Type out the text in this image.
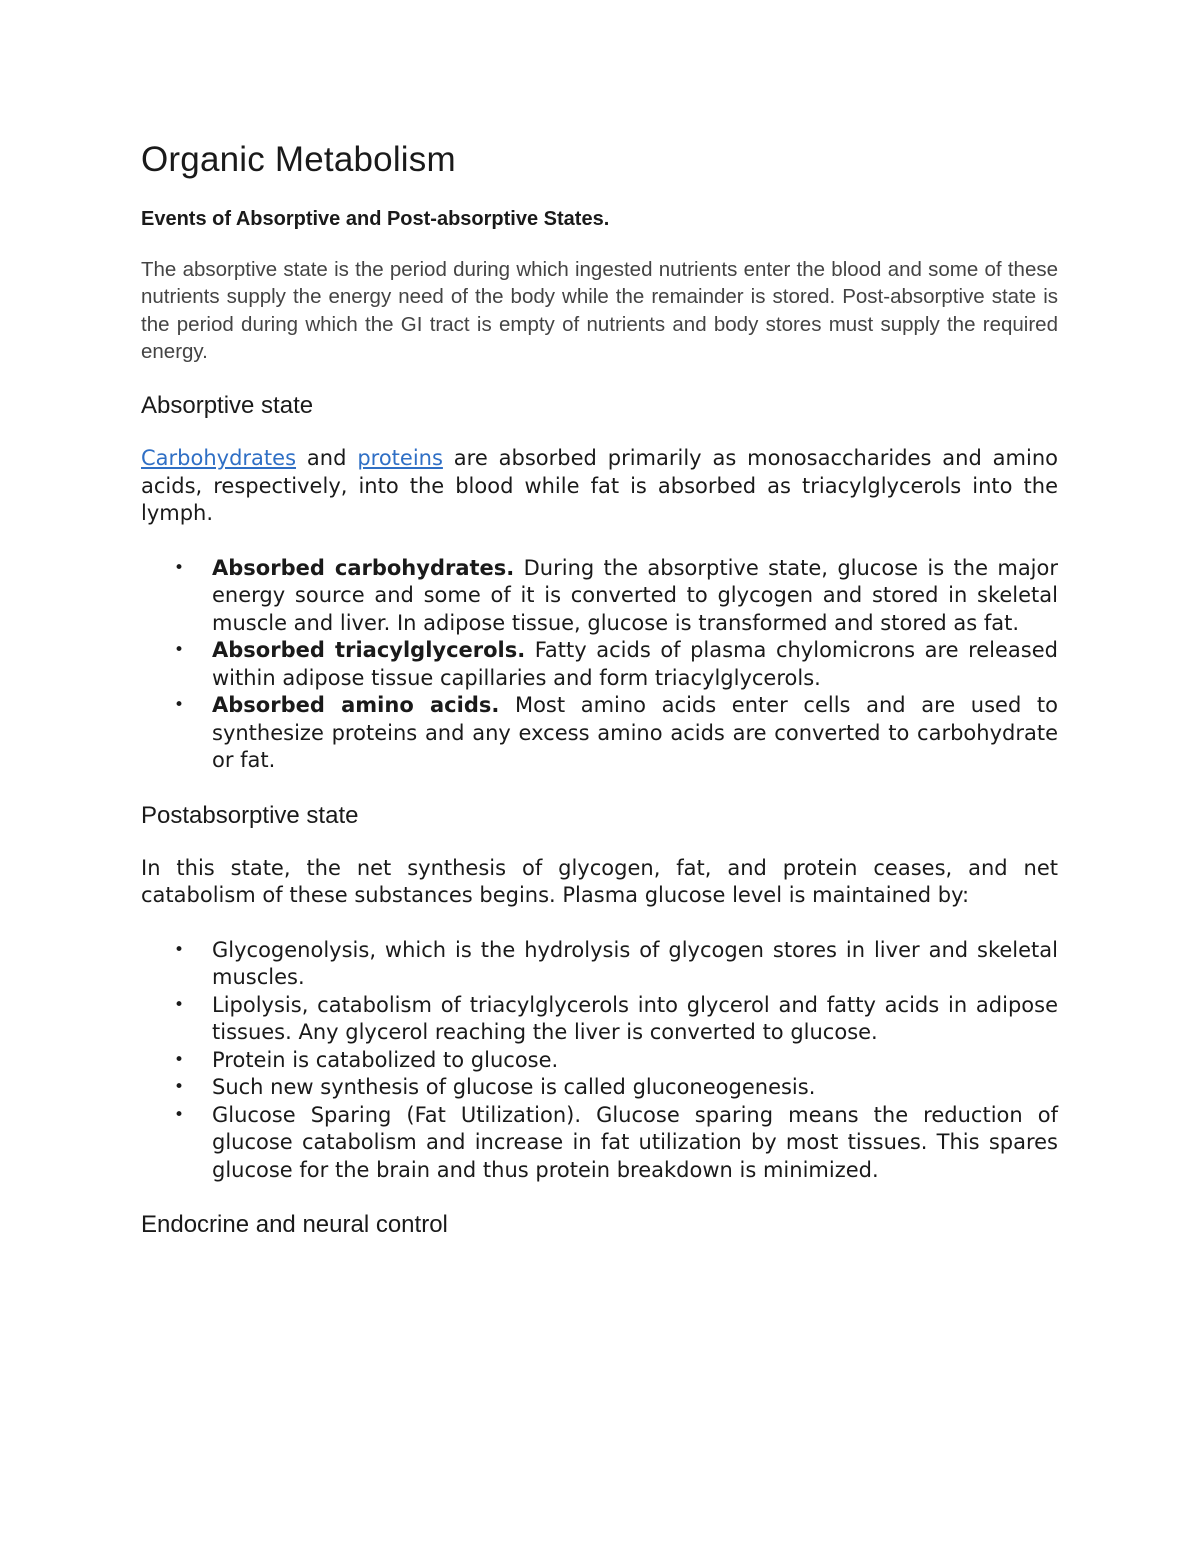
Organic Metabolism
Events of Absorptive and Post-absorptive States.

The absorptive state is the period during which ingested nutrients enter the blood and some of these nutrients supply the energy need of the body while the remainder is stored. Post-absorptive state is the period during which the GI tract is empty of nutrients and body stores must supply the required energy.

Absorptive state

Carbohydrates and proteins are absorbed primarily as monosaccharides and amino acids, respectively, into the blood while fat is absorbed as triacylglycerols into the lymph.

• Absorbed carbohydrates. During the absorptive state, glucose is the major energy source and some of it is converted to glycogen and stored in skeletal muscle and liver. In adipose tissue, glucose is transformed and stored as fat.
• Absorbed triacylglycerols. Fatty acids of plasma chylomicrons are released within adipose tissue capillaries and form triacylglycerols.
• Absorbed amino acids. Most amino acids enter cells and are used to synthesize proteins and any excess amino acids are converted to carbohydrate or fat.
Postabsorptive state

In this state, the net synthesis of glycogen, fat, and protein ceases, and net catabolism of these substances begins. Plasma glucose level is maintained by:

• Glycogenolysis, which is the hydrolysis of glycogen stores in liver and skeletal muscles.
• Lipolysis, catabolism of triacylglycerols into glycerol and fatty acids in adipose tissues. Any glycerol reaching the liver is converted to glucose.
• Protein is catabolized to glucose.
• Such new synthesis of glucose is called gluconeogenesis.
• Glucose Sparing (Fat Utilization). Glucose sparing means the reduction of glucose catabolism and increase in fat utilization by most tissues. This spares glucose for the brain and thus protein breakdown is minimized.
Endocrine and neural control
